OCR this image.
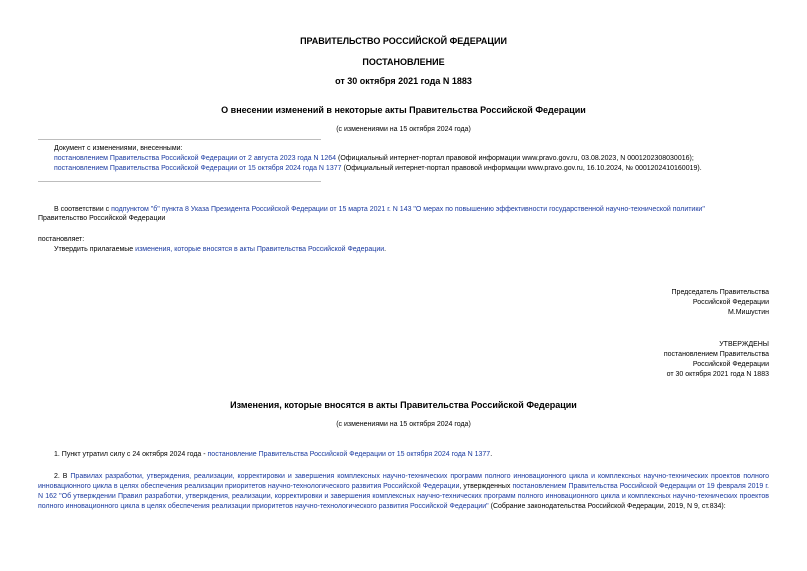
ПРАВИТЕЛЬСТВО РОССИЙСКОЙ ФЕДЕРАЦИИ
ПОСТАНОВЛЕНИЕ
от 30 октября 2021 года N 1883
О внесении изменений в некоторые акты Правительства Российской Федерации
(с изменениями на 15 октября 2024 года)
Документ с изменениями, внесенными:
постановлением Правительства Российской Федерации от 2 августа 2023 года N 1264 (Официальный интернет-портал правовой информации www.pravo.gov.ru, 03.08.2023, N 0001202308030016);
постановлением Правительства Российской Федерации от 15 октября 2024 года N 1377 (Официальный интернет-портал правовой информации www.pravo.gov.ru, 16.10.2024, № 0001202410160019).
В соответствии с подпунктом "б" пункта 8 Указа Президента Российской Федерации от 15 марта 2021 г. N 143 "О мерах по повышению эффективности государственной научно-технической политики"
Правительство Российской Федерации
постановляет:
Утвердить прилагаемые изменения, которые вносятся в акты Правительства Российской Федерации.
Председатель Правительства
Российской Федерации
М.Мишустин
УТВЕРЖДЕНЫ
постановлением Правительства
Российской Федерации
от 30 октября 2021 года N 1883
Изменения, которые вносятся в акты Правительства Российской Федерации
(с изменениями на 15 октября 2024 года)
1. Пункт утратил силу с 24 октября 2024 года - постановление Правительства Российской Федерации от 15 октября 2024 года N 1377.
2. В Правилах разработки, утверждения, реализации, корректировки и завершения комплексных научно-технических программ полного инновационного цикла и комплексных научно-технических проектов полного инновационного цикла в целях обеспечения реализации приоритетов научно-технологического развития Российской Федерации, утвержденных постановлением Правительства Российской Федерации от 19 февраля 2019 г. N 162 "Об утверждении Правил разработки, утверждения, реализации, корректировки и завершения комплексных научно-технических программ полного инновационного цикла и комплексных научно-технических проектов полного инновационного цикла в целях обеспечения реализации приоритетов научно-технологического развития Российской Федерации" (Собрание законодательства Российской Федерации, 2019, N 9, ст.834):
